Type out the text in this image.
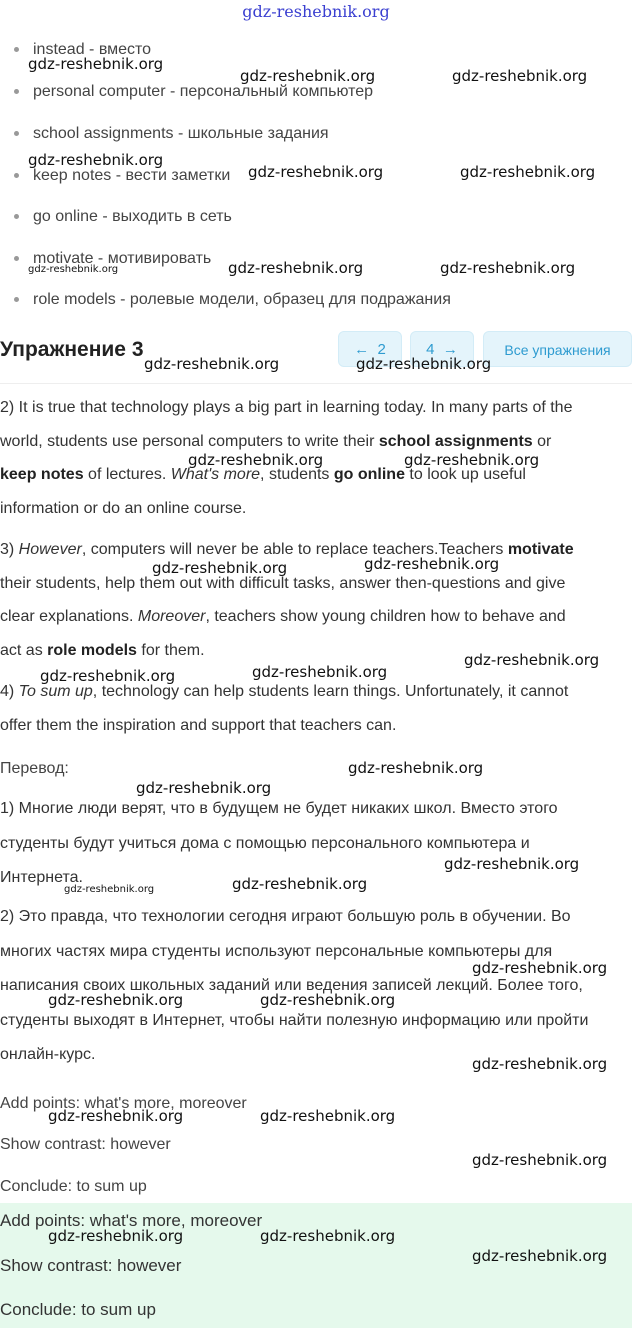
gdz-reshebnik.org
instead - вместо
personal computer - персональный компьютер
school assignments - школьные задания
keep notes - вести заметки
go online - выходить в сеть
motivate - мотивировать
role models - ролевые модели, образец для подражания
Упражнение 3	← 2	4 →	Все упражнения
2) It is true that technology plays a big part in learning today. In many parts of the
world, students use personal computers to write their school assignments or
keep notes of lectures. What's more, students go online to look up useful
information or do an online course.
3) However, computers will never be able to replace teachers.Teachers motivate
their students, help them out with difficult tasks, answer then-questions and give
clear explanations. Moreover, teachers show young children how to behave and
act as role models for them.
4) To sum up, technology can help students learn things. Unfortunately, it cannot
offer them the inspiration and support that teachers can.
Перевод:
1) Многие люди верят, что в будущем не будет никаких школ. Вместо этого
студенты будут учиться дома с помощью персонального компьютера и
Интернета.
2) Это правда, что технологии сегодня играют большую роль в обучении. Во
многих частях мира студенты используют персональные компьютеры для
написания своих школьных заданий или ведения записей лекций. Более того,
студенты выходят в Интернет, чтобы найти полезную информацию или пройти
онлайн-курс.
Add points: what's more, moreover
Show contrast: however
Conclude: to sum up
Add points: what's more, moreover
Show contrast: however
Conclude: to sum up
gdz-reshebnik.org
gdz-reshebnik.org	gdz-reshebnik.org
gdz-reshebnik.org
gdz-reshebnik.org	gdz-reshebnik.org
gdz-reshebnik.org	gdz-reshebnik.org	gdz-reshebnik.org
gdz-reshebnik.org	gdz-reshebnik.org
gdz-reshebnik.org	gdz-reshebnik.org
gdz-reshebnik.org	gdz-reshebnik.org
gdz-reshebnik.org	gdz-reshebnik.org
gdz-reshebnik.org
gdz-reshebnik.org
gdz-reshebnik.org
gdz-reshebnik.org
gdz-reshebnik.org	gdz-reshebnik.org
gdz-reshebnik.org
gdz-reshebnik.org	gdz-reshebnik.org
gdz-reshebnik.org
gdz-reshebnik.org	gdz-reshebnik.org
gdz-reshebnik.org
gdz-reshebnik.org	gdz-reshebnik.org
gdz-reshebnik.org
